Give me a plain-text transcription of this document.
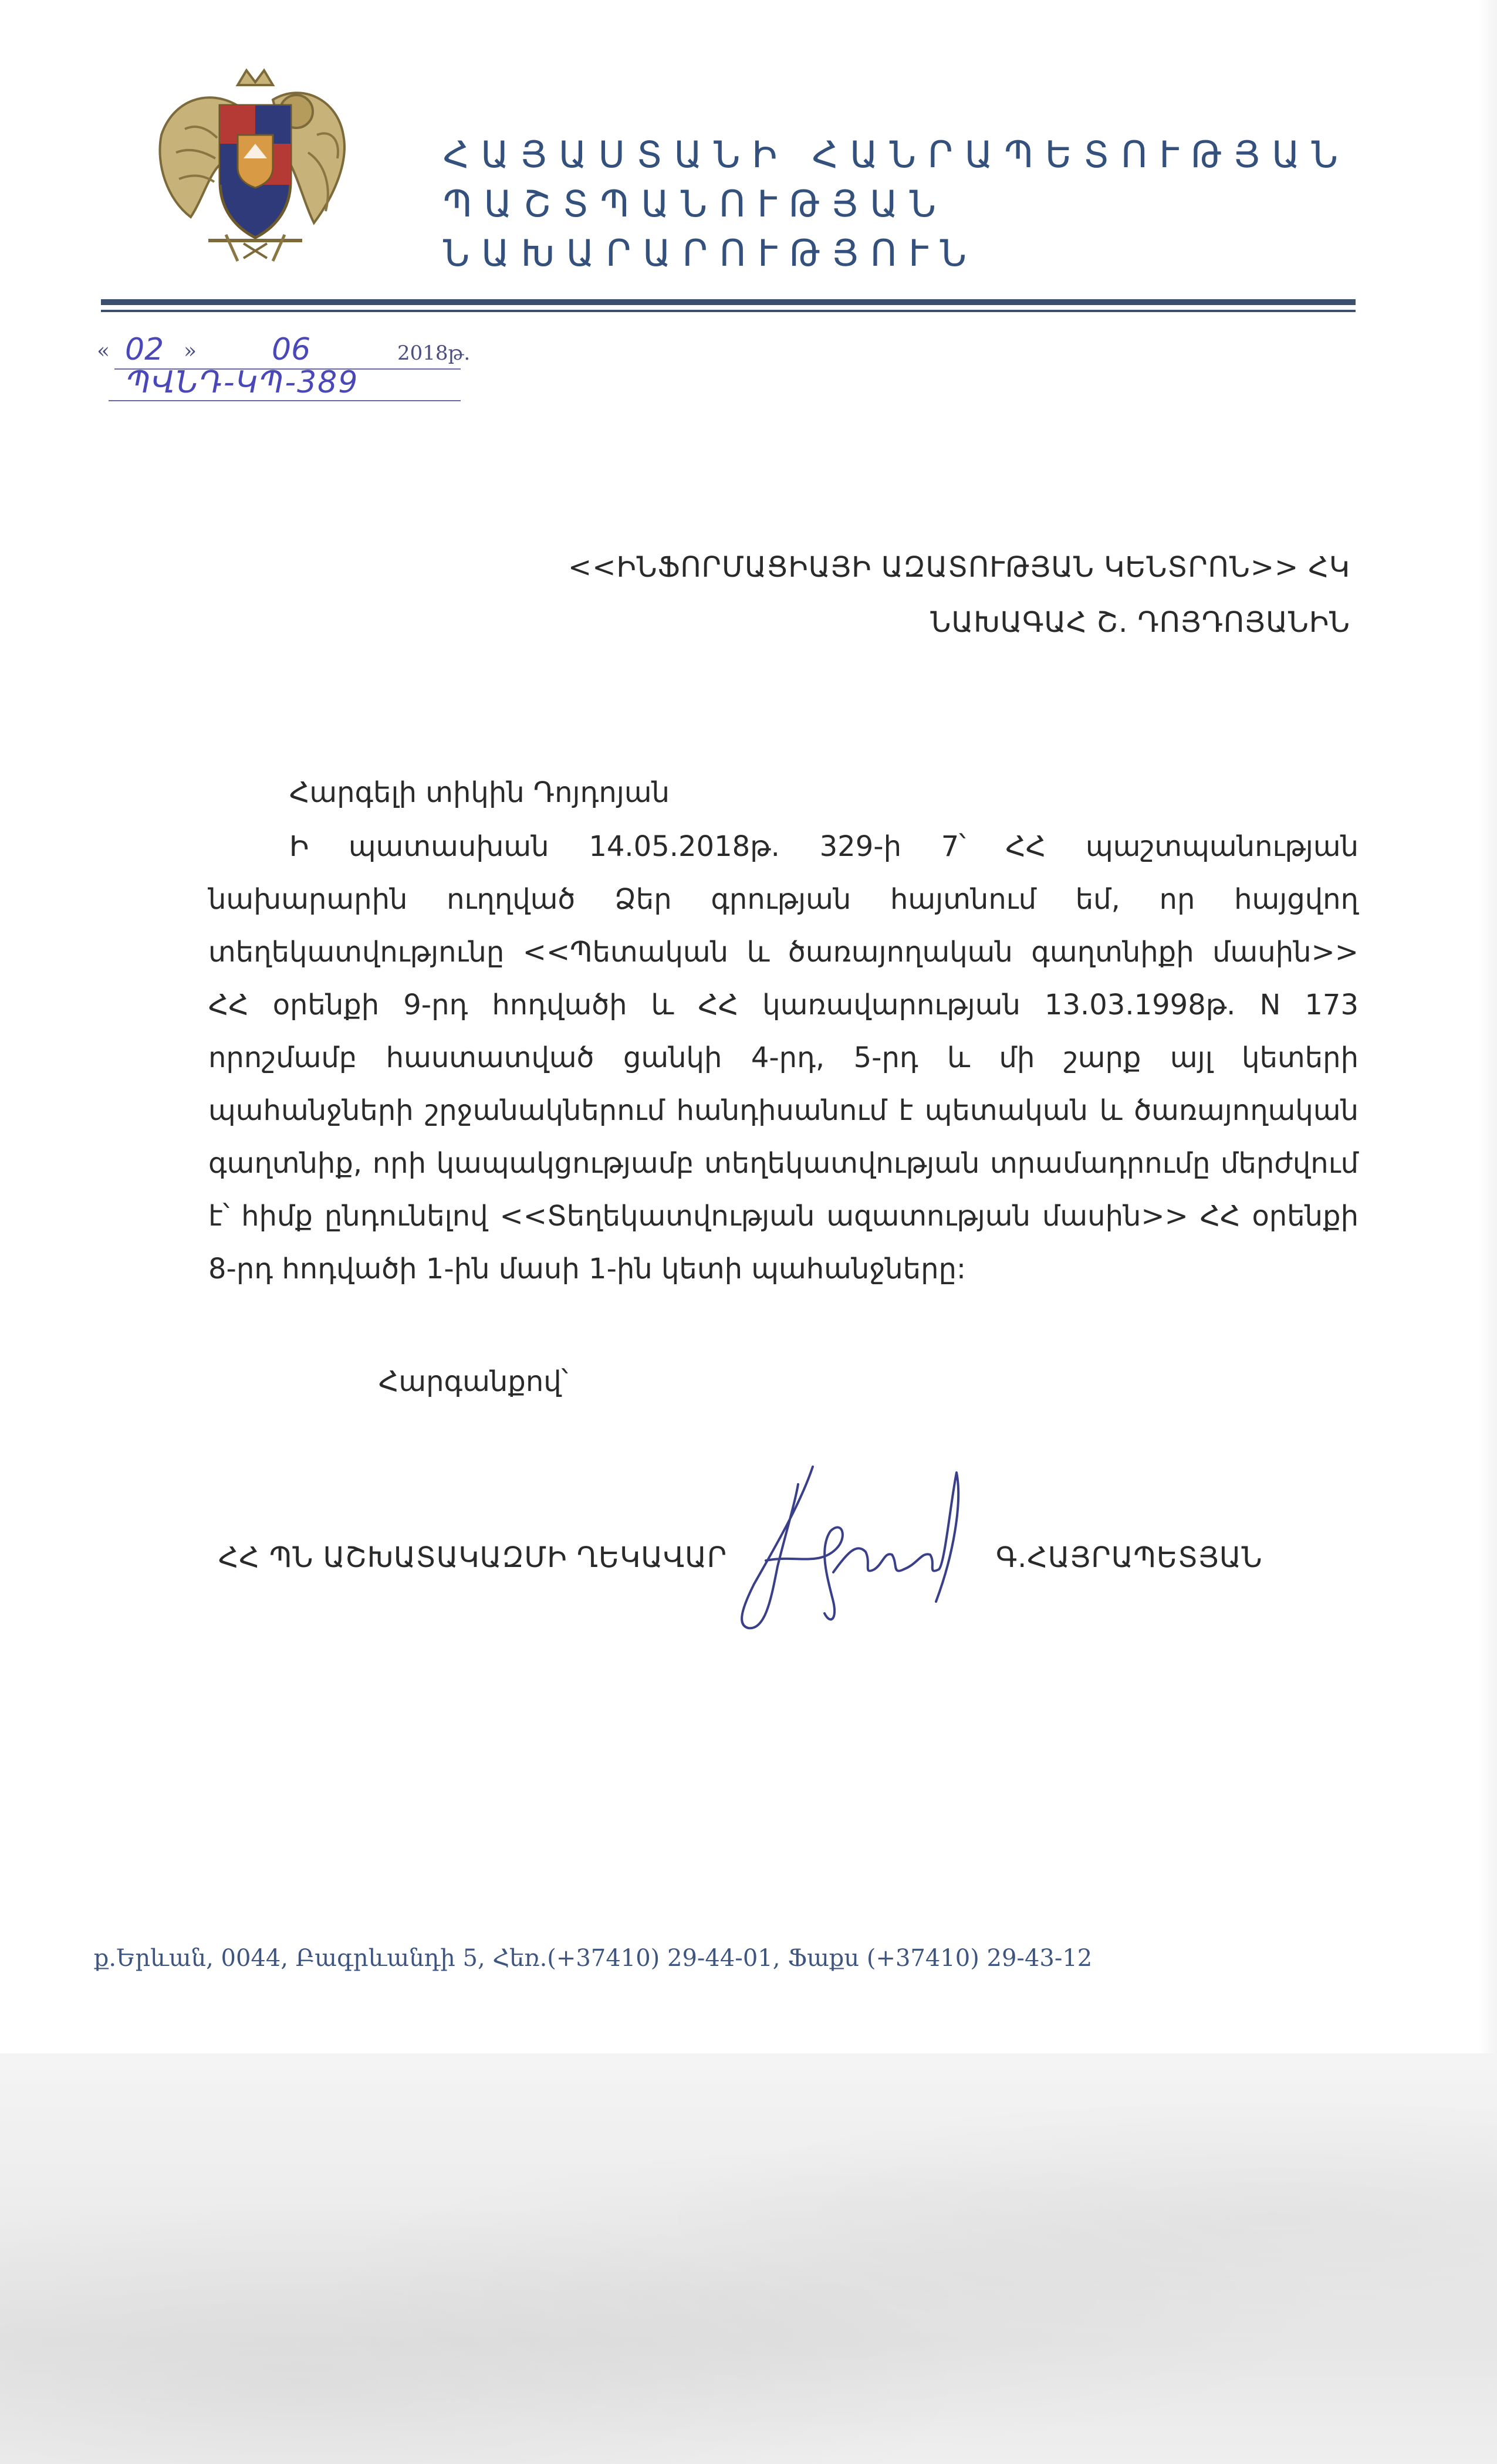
ՀԱՅԱՍՏԱՆԻ ՀԱՆՐԱՊԵՏՈՒԹՅԱՆ
ՊԱՇՏՊԱՆՈՒԹՅԱՆ ՆԱԽԱՐԱՐՈՒԹՅՈՒՆ
« 02 » 06	2018թ.
ՊՎՆԴ-ԿՊ-389
<<ԻՆՖՈՐՄԱՑԻԱՅԻ ԱԶԱՏՈՒԹՅԱՆ ԿԵՆՏՐՈՆ>> ՀԿ
ՆԱԽԱԳԱՀ Շ. ԴՈՅԴՈՅԱՆԻՆ
Հարգելի տիկին Դոյդոյան

Ի պատասխան 14.05.2018թ. 329-ի 7՝ ՀՀ պաշտպանության նախարարին ուղղված Ձեր գրության հայտնում եմ, որ հայցվող տեղեկատվությունը <<Պետական և ծառայողական գաղտնիքի մասին>> ՀՀ օրենքի 9-րդ հոդվածի և ՀՀ կառավարության 13.03.1998թ. N 173 որոշմամբ հաստատված ցանկի 4-րդ, 5-րդ և մի շարք այլ կետերի պահանջների շրջանակներում հանդիսանում է պետական և ծառայողական գաղտնիք, որի կապակցությամբ տեղեկատվության տրամադրումը մերժվում է՝ հիմք ընդունելով <<Տեղեկատվության ազատության մասին>> ՀՀ օրենքի 8-րդ հոդվածի 1-ին մասի 1-ին կետի պահանջները:

Հարգանքով՝
ՀՀ ՊՆ ԱՇԽԱՏԱԿԱԶՄԻ ՂԵԿԱՎԱՐ	Գ.ՀԱՅՐԱՊԵՏՅԱՆ
ք.Երևան, 0044, Բագրևանդի 5, Հեռ.(+37410) 29-44-01, Ֆաքս (+37410) 29-43-12
